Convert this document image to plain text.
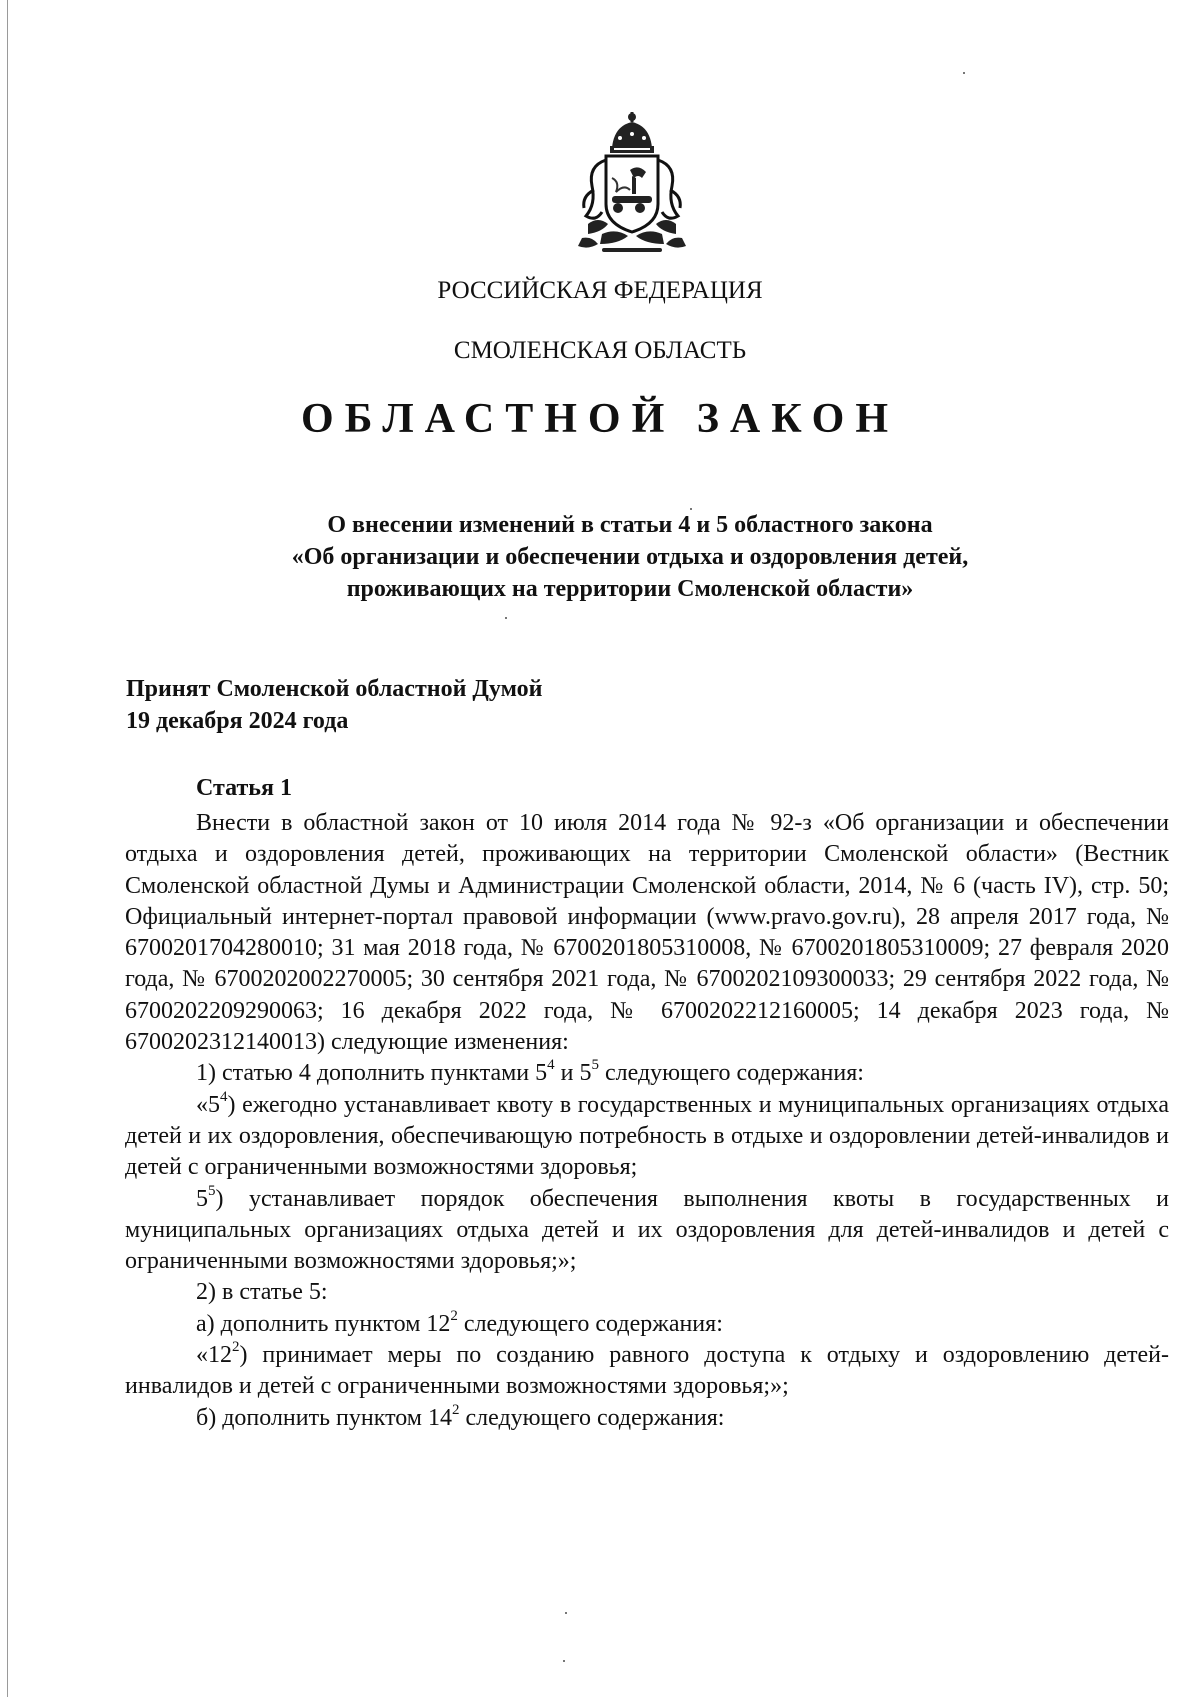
РОССИЙСКАЯ ФЕДЕРАЦИЯ
СМОЛЕНСКАЯ ОБЛАСТЬ
ОБЛАСТНОЙ ЗАКОН
О внесении изменений в статьи 4 и 5 областного закона
«Об организации и обеспечении отдыха и оздоровления детей,
проживающих на территории Смоленской области»
Принят Смоленской областной Думой
19 декабря 2024 года
Статья 1

Внести в областной закон от 10 июля 2014 года № 92-з «Об организации и обеспечении отдыха и оздоровления детей, проживающих на территории Смоленской области» (Вестник Смоленской областной Думы и Администрации Смоленской области, 2014, № 6 (часть IV), стр. 50; Официальный интернет-портал правовой информации (www.pravo.gov.ru), 28 апреля 2017 года, № 6700201704280010; 31 мая 2018 года, № 6700201805310008, № 6700201805310009; 27 февраля 2020 года, № 6700202002270005; 30 сентября 2021 года, № 6700202109300033; 29 сентября 2022 года, № 6700202209290063; 16 декабря 2022 года, № 6700202212160005; 14 декабря 2023 года, № 6700202312140013) следующие изменения:

1) статью 4 дополнить пунктами $5^4$ и $5^5$ следующего содержания:

«$5^4$) ежегодно устанавливает квоту в государственных и муниципальных организациях отдыха детей и их оздоровления, обеспечивающую потребность в отдыхе и оздоровлении детей-инвалидов и детей с ограниченными возможностями здоровья;

$5^5$) устанавливает порядок обеспечения выполнения квоты в государственных и муниципальных организациях отдыха детей и их оздоровления для детей-инвалидов и детей с ограниченными возможностями здоровья;»;

2) в статье 5:

а) дополнить пунктом $12^2$ следующего содержания:

«$12^2$) принимает меры по созданию равного доступа к отдыху и оздоровлению детей-инвалидов и детей с ограниченными возможностями здоровья;»;

б) дополнить пунктом $14^2$ следующего содержания:
